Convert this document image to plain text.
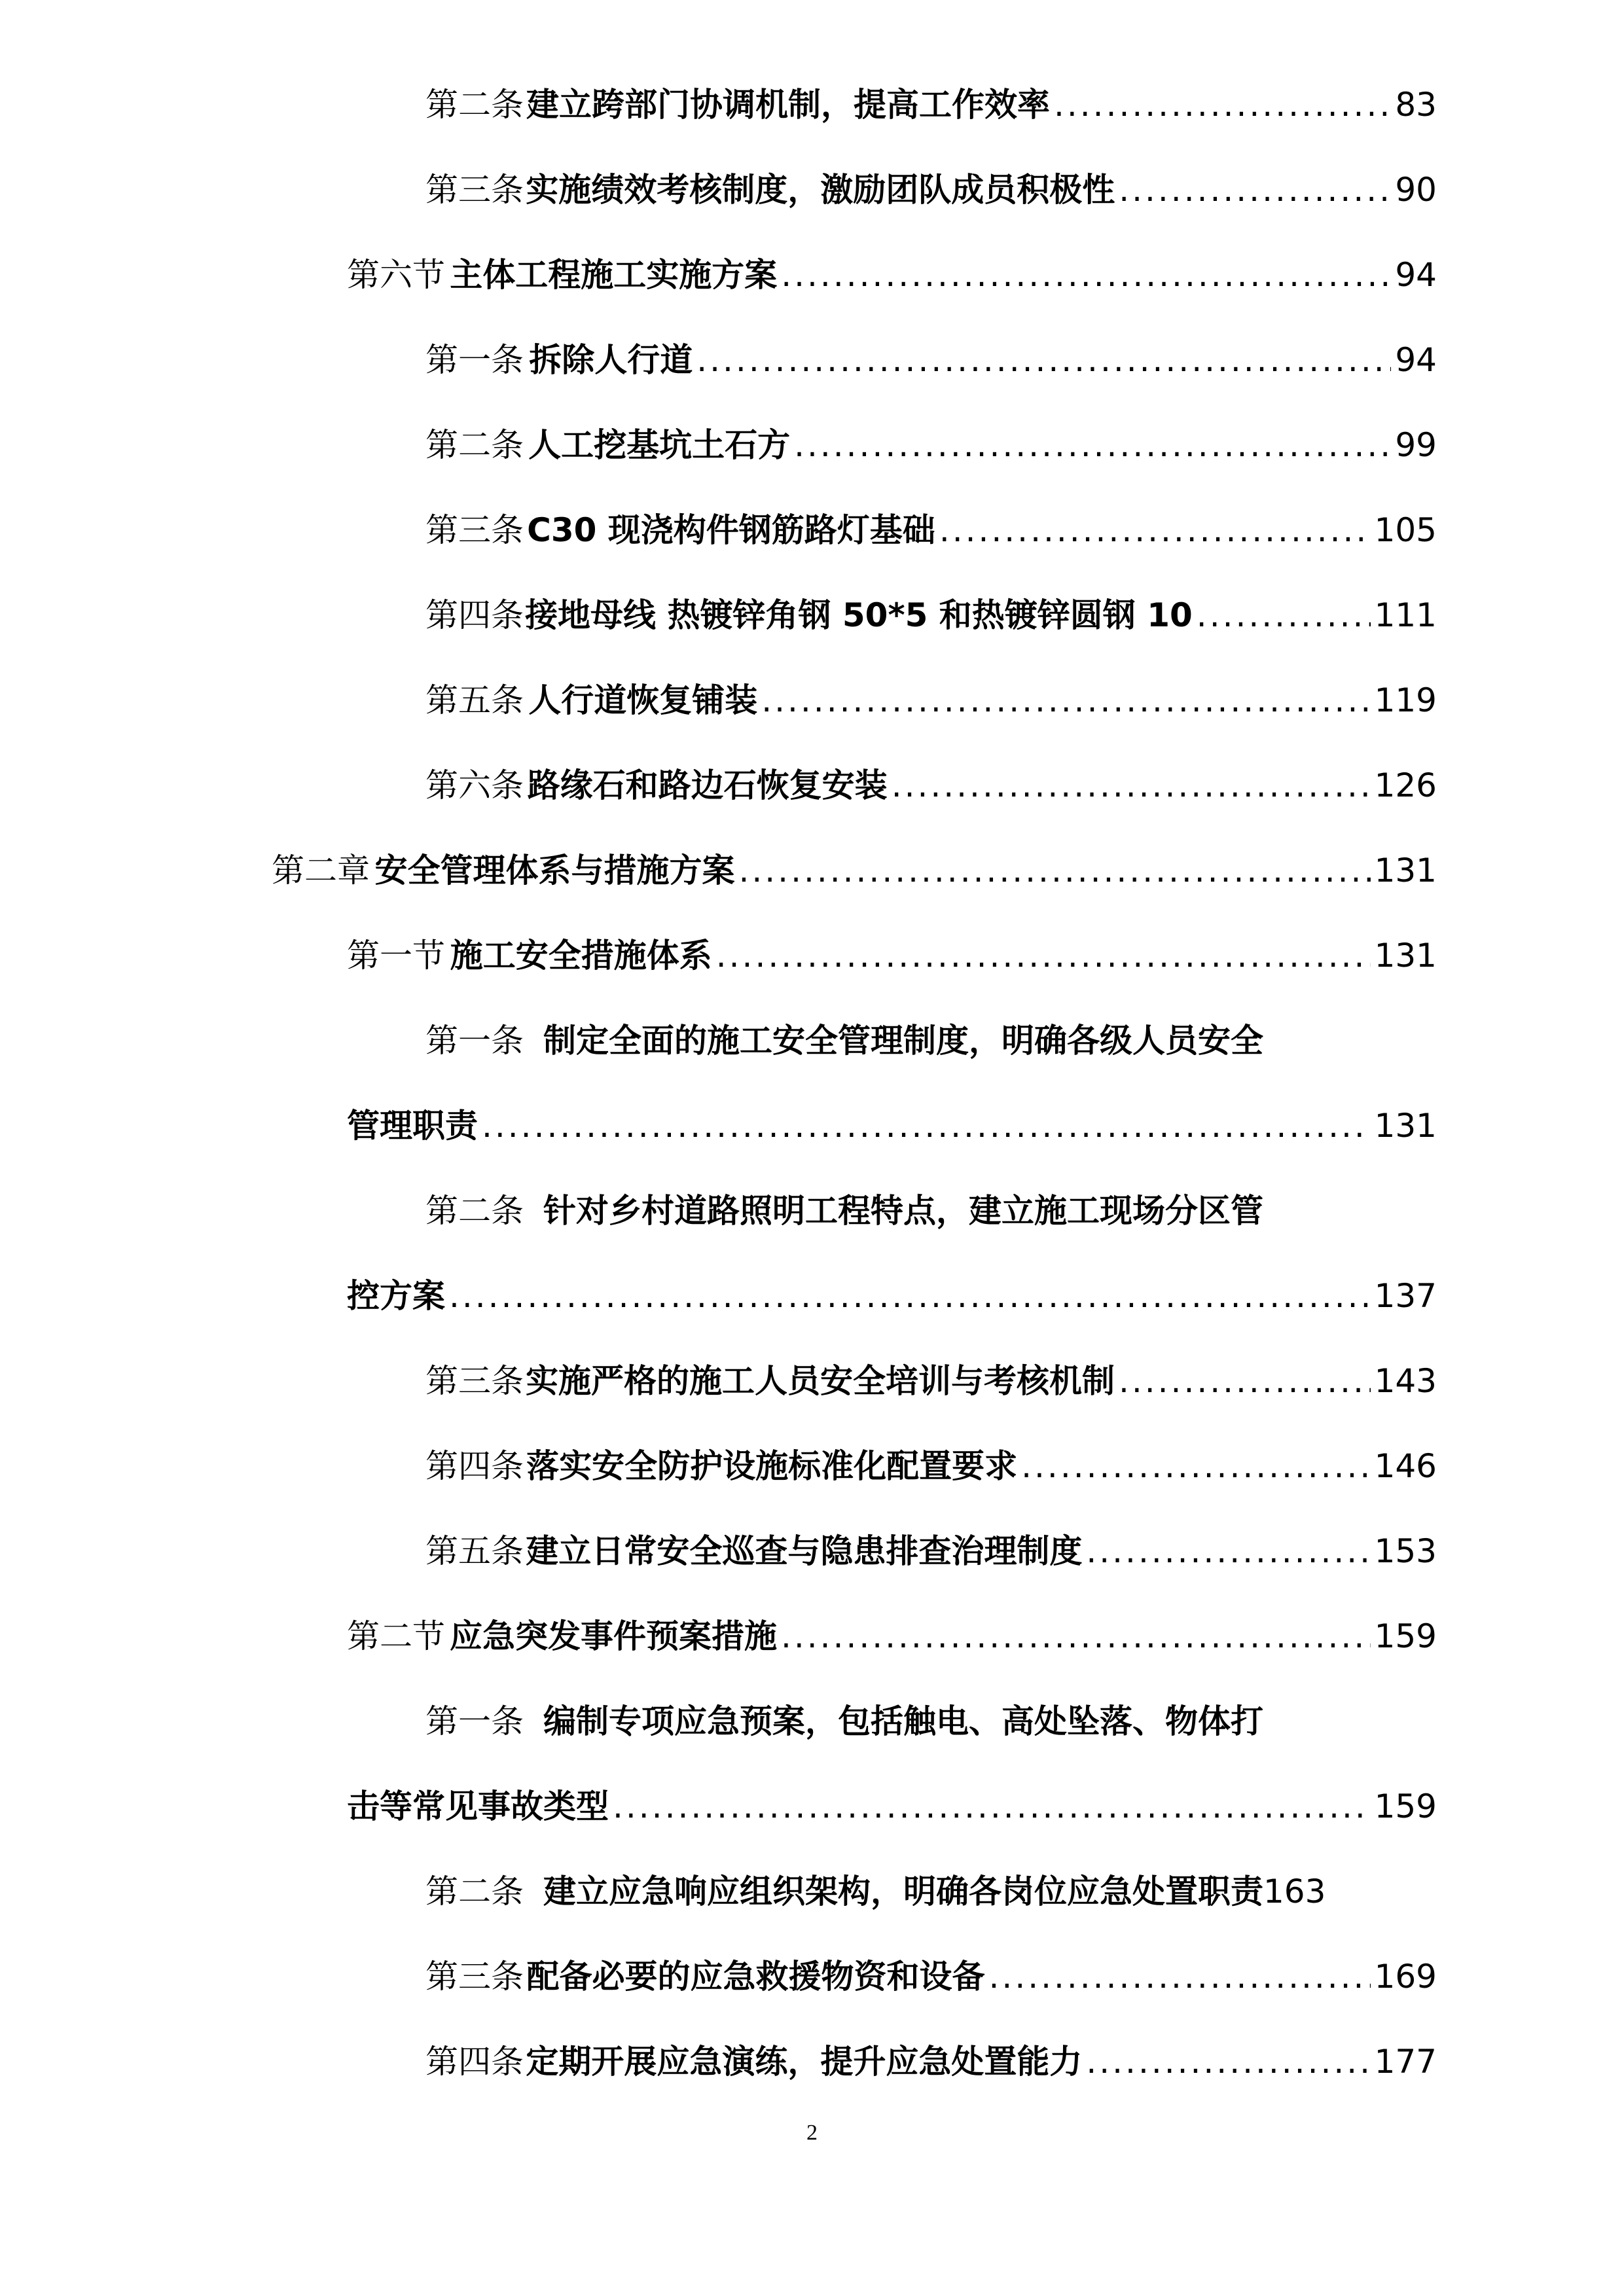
第二条 建立跨部门协调机制，提高工作效率 .....	83
第三条 实施绩效考核制度，激励团队成员积极性 .....	90
第六节 主体工程施工实施方案 .....	94
第一条 拆除人行道 .....	94
第二条 人工挖基坑土石方 .....	99
第三条 C30 现浇构件钢筋路灯基础 .....	105
第四条 接地母线 热镀锌角钢 50*5 和热镀锌圆钢 10 .....	111
第五条 人行道恢复铺装 .....	119
第六条 路缘石和路边石恢复安装 .....	126
第二章 安全管理体系与措施方案 .....	131
第一节 施工安全措施体系 .....	131
第一条 制定全面的施工安全管理制度，明确各级人员安全
管理职责 .....	131
第二条 针对乡村道路照明工程特点，建立施工现场分区管
控方案 .....	137
第三条 实施严格的施工人员安全培训与考核机制 .....	143
第四条 落实安全防护设施标准化配置要求 .....	146
第五条 建立日常安全巡查与隐患排查治理制度 .....	153
第二节 应急突发事件预案措施 .....	159
第一条 编制专项应急预案，包括触电、高处坠落、物体打
击等常见事故类型 .....	159
第二条 建立应急响应组织架构，明确各岗位应急处置职责 163
第三条 配备必要的应急救援物资和设备 .....	169
第四条 定期开展应急演练，提升应急处置能力 .....	177
2
